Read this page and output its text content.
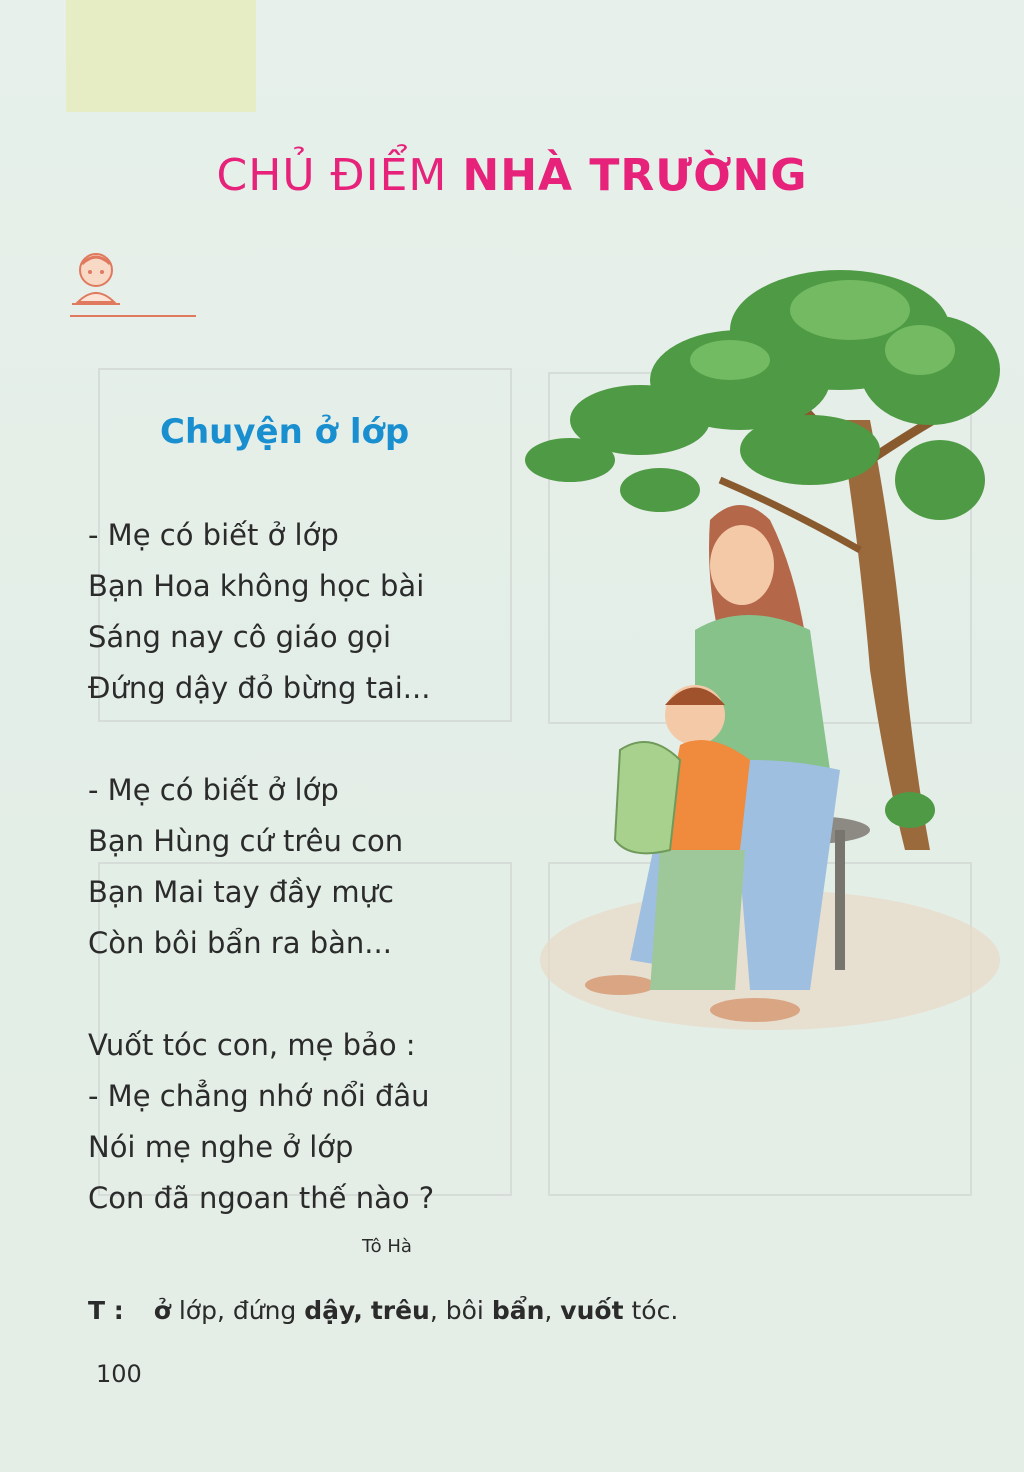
CHỦ ĐIỂM NHÀ TRƯỜNG
Chuyện ở lớp
- Mẹ có biết ở lớp
Bạn Hoa không học bài
Sáng nay cô giáo gọi
Đứng dậy đỏ bừng tai...
- Mẹ có biết ở lớp
Bạn Hùng cứ trêu con
Bạn Mai tay đầy mực
Còn bôi bẩn ra bàn...
Vuốt tóc con, mẹ bảo :
- Mẹ chẳng nhớ nổi đâu
Nói mẹ nghe ở lớp
Con đã ngoan thế nào ?
Tô Hà
T : ở lớp, đứng dậy, trêu, bôi bẩn, vuốt tóc.
100
